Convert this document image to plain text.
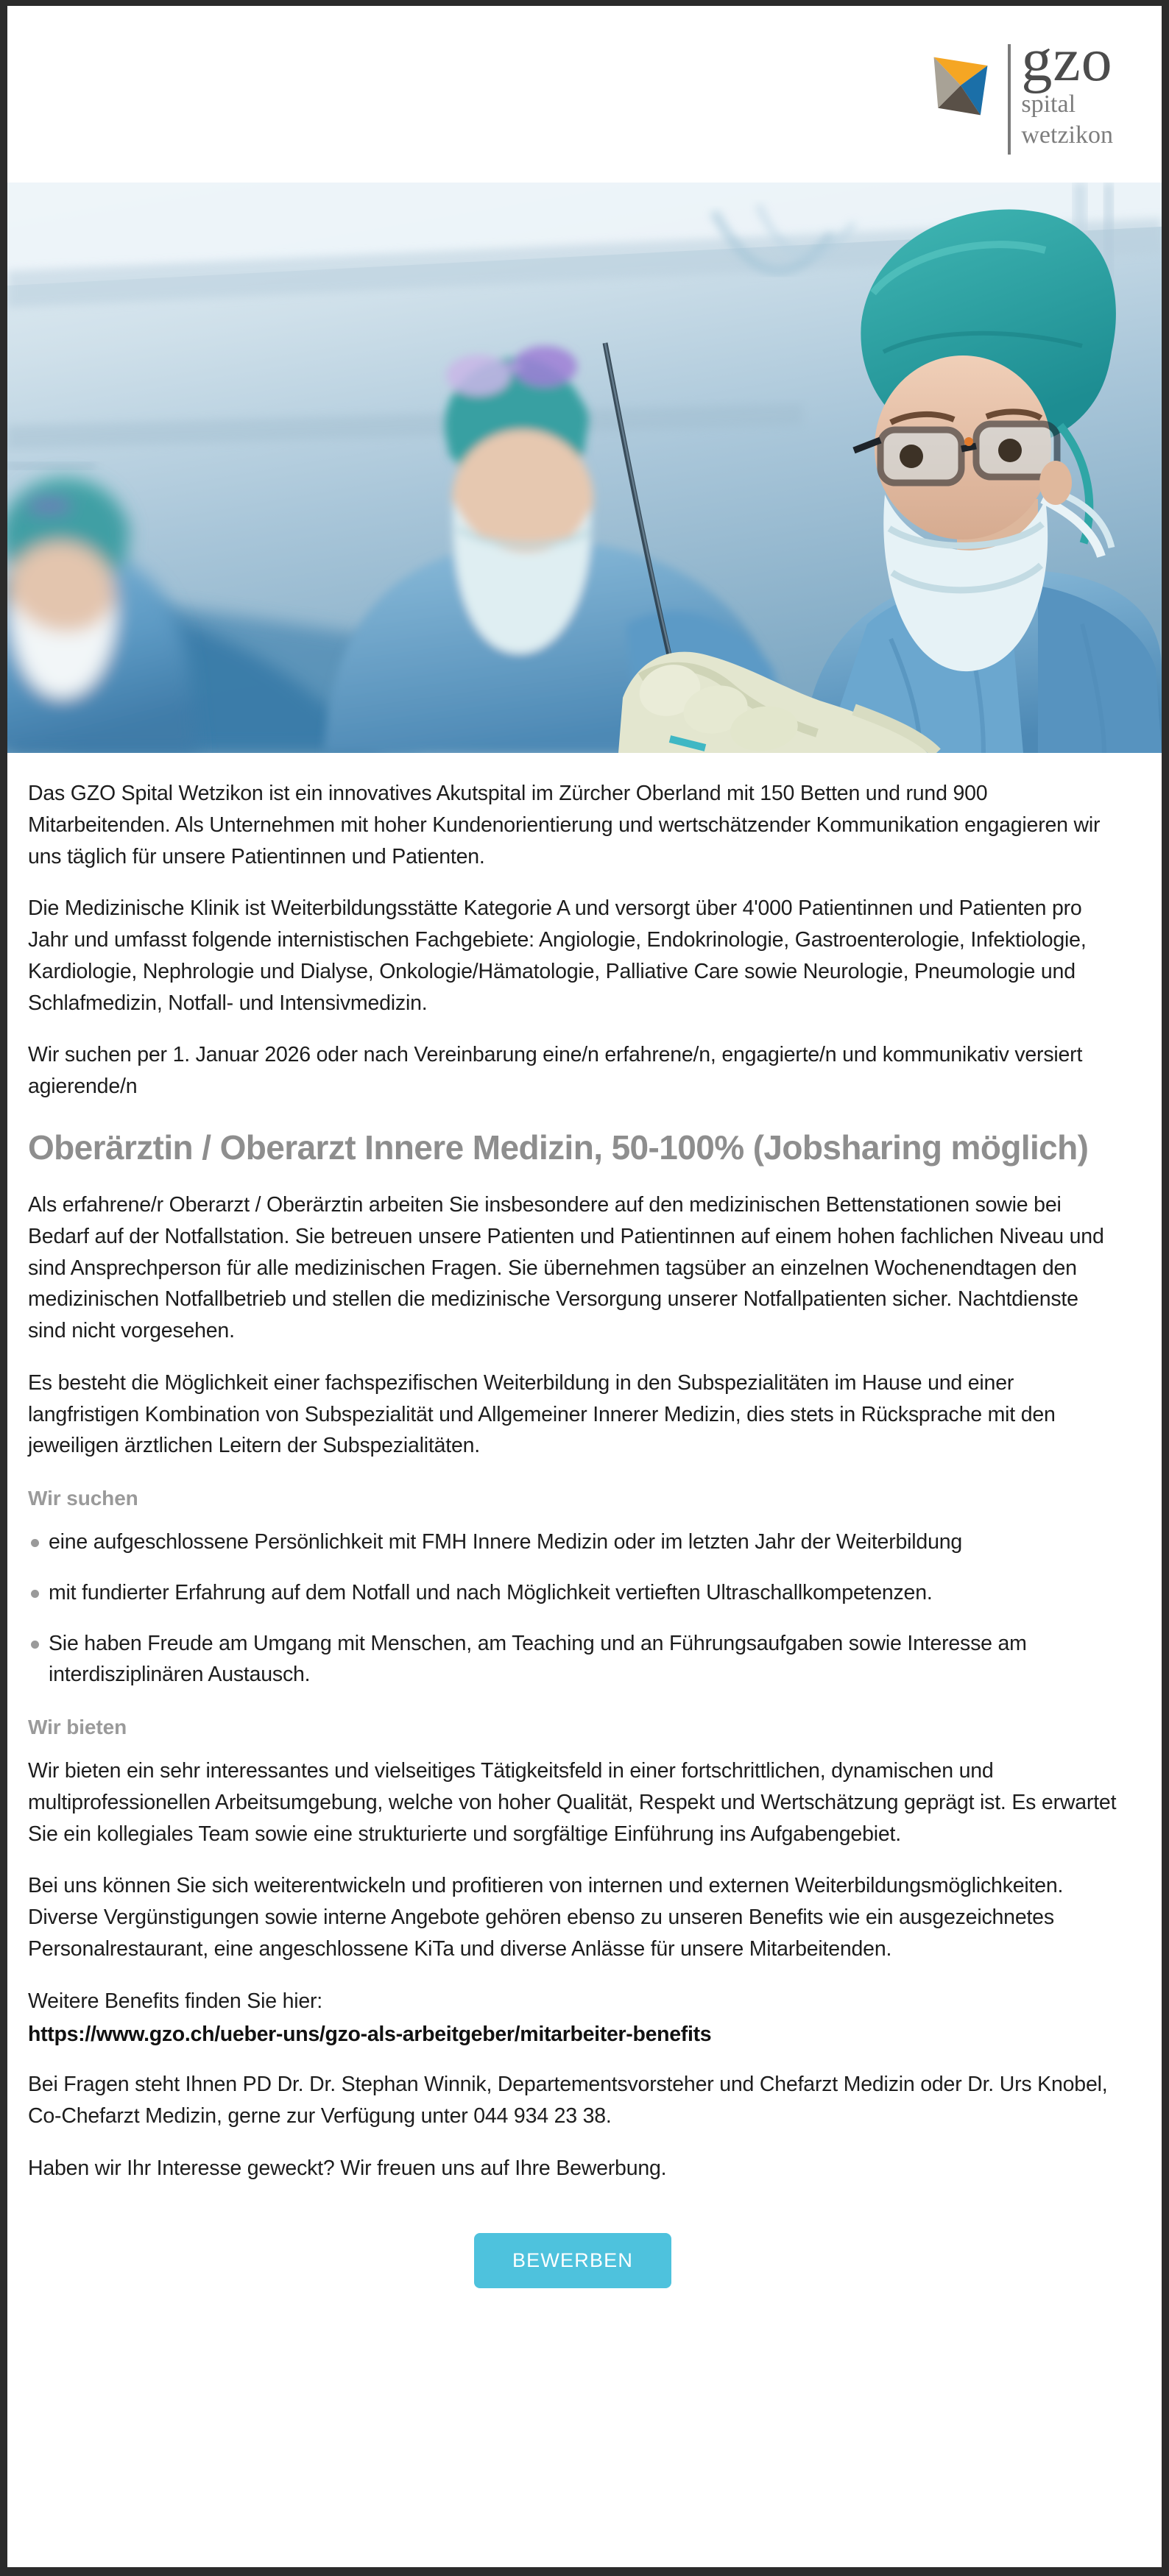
gzo
spital
wetzikon

Das GZO Spital Wetzikon ist ein innovatives Akutspital im Zürcher Oberland mit 150 Betten und rund 900 Mitarbeitenden. Als Unternehmen mit hoher Kundenorientierung und wertschätzender Kommunikation engagieren wir uns täglich für unsere Patientinnen und Patienten.

Die Medizinische Klinik ist Weiterbildungsstätte Kategorie A und versorgt über 4'000 Patientinnen und Patienten pro Jahr und umfasst folgende internistischen Fachgebiete: Angiologie, Endokrinologie, Gastroenterologie, Infektiologie, Kardiologie, Nephrologie und Dialyse, Onkologie/Hämatologie, Palliative Care sowie Neurologie, Pneumologie und Schlafmedizin, Notfall- und Intensivmedizin.

Wir suchen per 1. Januar 2026 oder nach Vereinbarung eine/n erfahrene/n, engagierte/n und kommunikativ versiert agierende/n

Oberärztin / Oberarzt Innere Medizin, 50-100% (Jobsharing möglich)

Als erfahrene/r Oberarzt / Oberärztin arbeiten Sie insbesondere auf den medizinischen Bettenstationen sowie bei Bedarf auf der Notfallstation. Sie betreuen unsere Patienten und Patientinnen auf einem hohen fachlichen Niveau und sind Ansprechperson für alle medizinischen Fragen. Sie übernehmen tagsüber an einzelnen Wochenendtagen den medizinischen Notfallbetrieb und stellen die medizinische Versorgung unserer Notfallpatienten sicher. Nachtdienste sind nicht vorgesehen.

Es besteht die Möglichkeit einer fachspezifischen Weiterbildung in den Subspezialitäten im Hause und einer langfristigen Kombination von Subspezialität und Allgemeiner Innerer Medizin, dies stets in Rücksprache mit den jeweiligen ärztlichen Leitern der Subspezialitäten.

Wir suchen
eine aufgeschlossene Persönlichkeit mit FMH Innere Medizin oder im letzten Jahr der Weiterbildung
mit fundierter Erfahrung auf dem Notfall und nach Möglichkeit vertieften Ultraschallkompetenzen.
Sie haben Freude am Umgang mit Menschen, am Teaching und an Führungsaufgaben sowie Interesse am interdisziplinären Austausch.
Wir bieten

Wir bieten ein sehr interessantes und vielseitiges Tätigkeitsfeld in einer fortschrittlichen, dynamischen und multiprofessionellen Arbeitsumgebung, welche von hoher Qualität, Respekt und Wertschätzung geprägt ist. Es erwartet Sie ein kollegiales Team sowie eine strukturierte und sorgfältige Einführung ins Aufgabengebiet.

Bei uns können Sie sich weiterentwickeln und profitieren von internen und externen Weiterbildungsmöglichkeiten. Diverse Vergünstigungen sowie interne Angebote gehören ebenso zu unseren Benefits wie ein ausgezeichnetes Personalrestaurant, eine angeschlossene KiTa und diverse Anlässe für unsere Mitarbeitenden.

Weitere Benefits finden Sie hier:

https://www.gzo.ch/ueber-uns/gzo-als-arbeitgeber/mitarbeiter-benefits

Bei Fragen steht Ihnen PD Dr. Dr. Stephan Winnik, Departementsvorsteher und Chefarzt Medizin oder Dr. Urs Knobel, Co-Chefarzt Medizin, gerne zur Verfügung unter 044 934 23 38.

Haben wir Ihr Interesse geweckt? Wir freuen uns auf Ihre Bewerbung.

BEWERBEN
